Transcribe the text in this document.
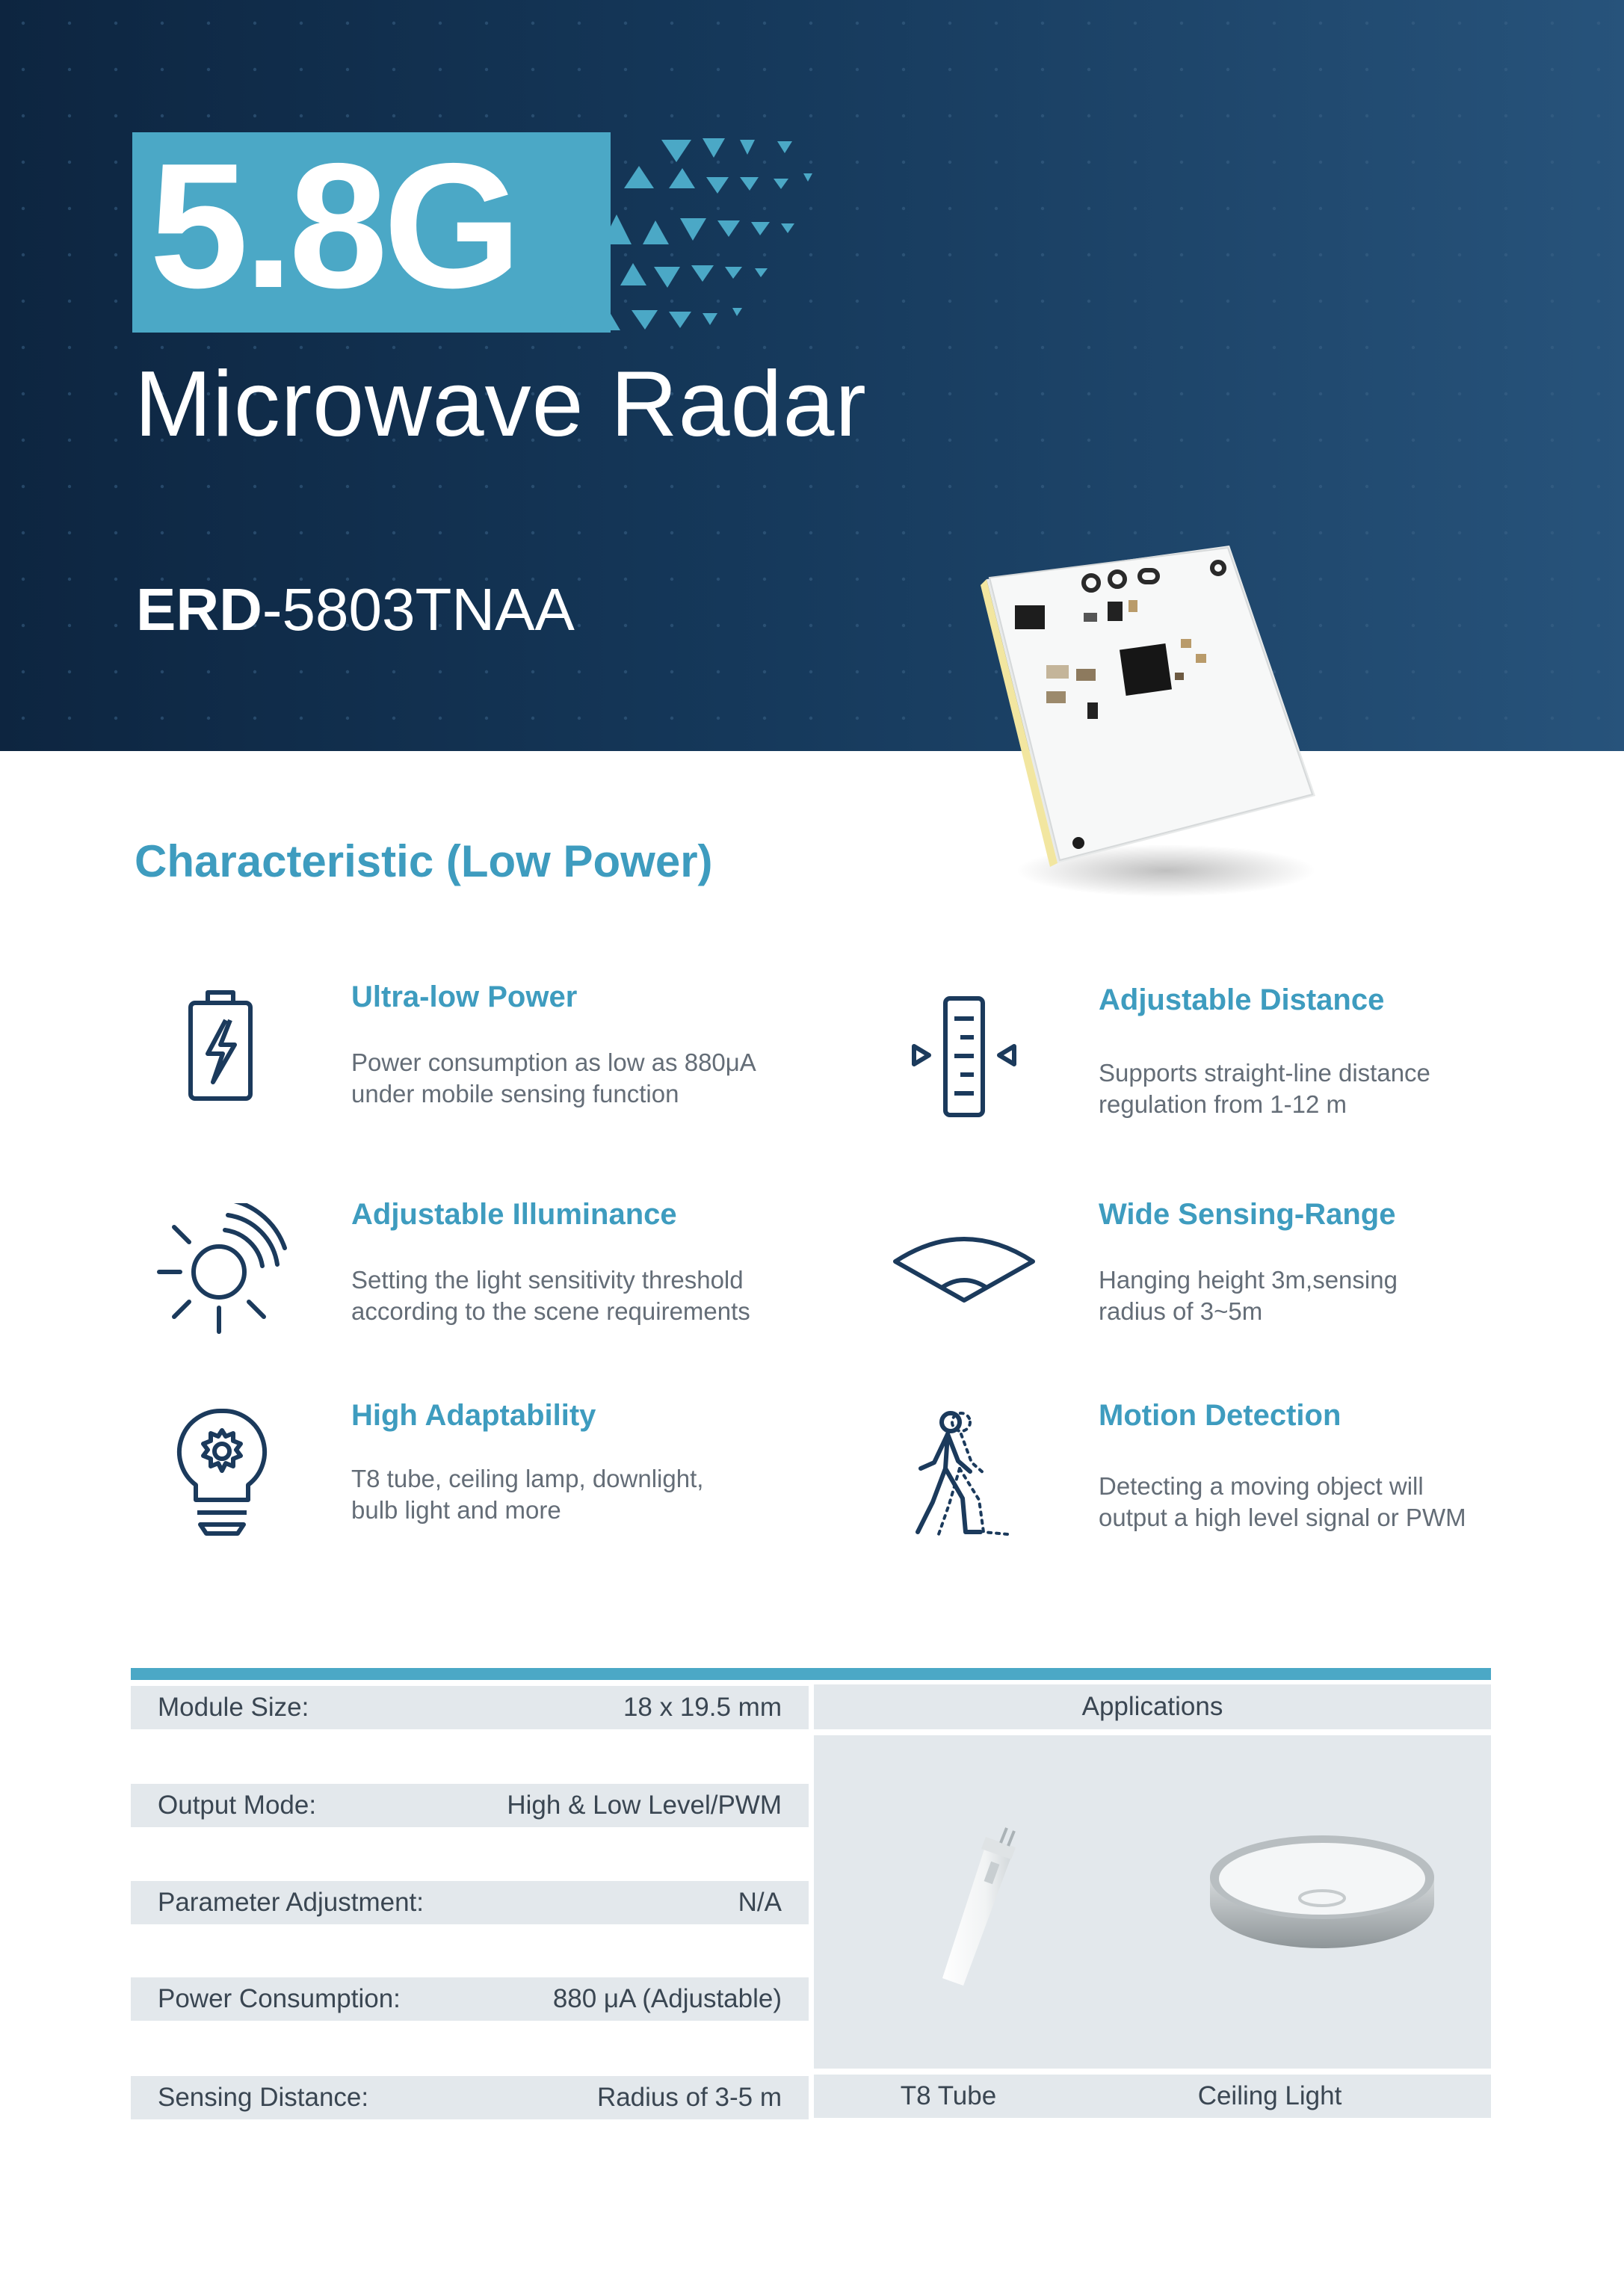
5.8G
Microwave Radar
ERD-5803TNAA
Characteristic (Low Power)
Ultra-low Power
Power consumption as low as 880μA
under mobile sensing function
Adjustable Distance
Supports straight-line distance
regulation from 1-12 m
Adjustable Illuminance
Setting the light sensitivity threshold
according to the scene requirements
Wide Sensing-Range
Hanging height 3m,sensing
radius of 3~5m
High Adaptability
T8 tube, ceiling lamp, downlight,
bulb light and more
Motion Detection
Detecting a moving object will
output a high level signal or PWM
Module Size:	18 x 19.5 mm
Output Mode:	High & Low Level/PWM
Parameter Adjustment:	N/A
Power Consumption:	880 μA (Adjustable)
Sensing Distance:	Radius of 3-5 m
Applications
T8 Tube	Ceiling Light
